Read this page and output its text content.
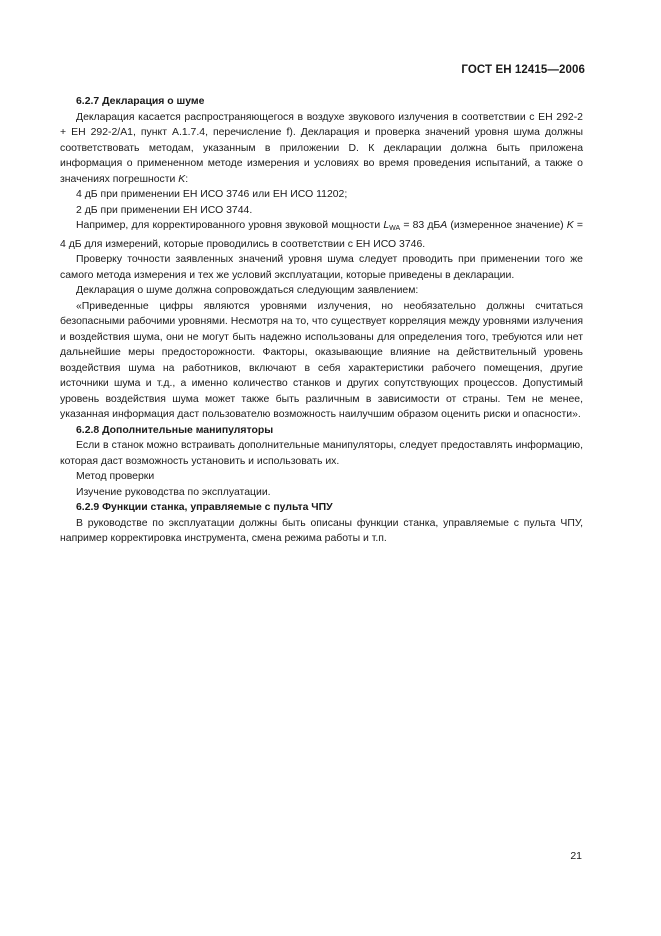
ГОСТ ЕН 12415—2006

6.2.7 Декларация о шуме

Декларация касается распространяющегося в воздухе звукового излучения в соответствии с ЕН 292-2 + ЕН 292-2/А1, пункт А.1.7.4, перечисление f). Декларация и проверка значений уровня шума должны соответствовать методам, указанным в приложении D. К декларации должна быть приложена информация о примененном методе измерения и условиях во время проведения испытаний, а также о значениях погрешности K:

4 дБ при применении ЕН ИСО 3746 или ЕН ИСО 11202;

2 дБ при применении ЕН ИСО 3744.

Например, для корректированного уровня звуковой мощности $L_{WA} = 83$ дБA (измеренное значение) K = 4 дБ для измерений, которые проводились в соответствии с ЕН ИСО 3746.

Проверку точности заявленных значений уровня шума следует проводить при применении того же самого метода измерения и тех же условий эксплуатации, которые приведены в декларации.

Декларация о шуме должна сопровождаться следующим заявлением:

«Приведенные цифры являются уровнями излучения, но необязательно должны считаться безопасными рабочими уровнями. Несмотря на то, что существует корреляция между уровнями излучения и воздействия шума, они не могут быть надежно использованы для определения того, требуются или нет дальнейшие меры предосторожности. Факторы, оказывающие влияние на действительный уровень воздействия шума на работников, включают в себя характеристики рабочего помещения, другие источники шума и т.д., а именно количество станков и других сопутствующих процессов. Допустимый уровень воздействия шума может также быть различным в зависимости от страны. Тем не менее, указанная информация даст пользователю возможность наилучшим образом оценить риски и опасности».

6.2.8 Дополнительные манипуляторы

Если в станок можно встраивать дополнительные манипуляторы, следует предоставлять информацию, которая даст возможность установить и использовать их.

Метод проверки

Изучение руководства по эксплуатации.

6.2.9 Функции станка, управляемые с пульта ЧПУ

В руководстве по эксплуатации должны быть описаны функции станка, управляемые с пульта ЧПУ, например корректировка инструмента, смена режима работы и т.п.

21
